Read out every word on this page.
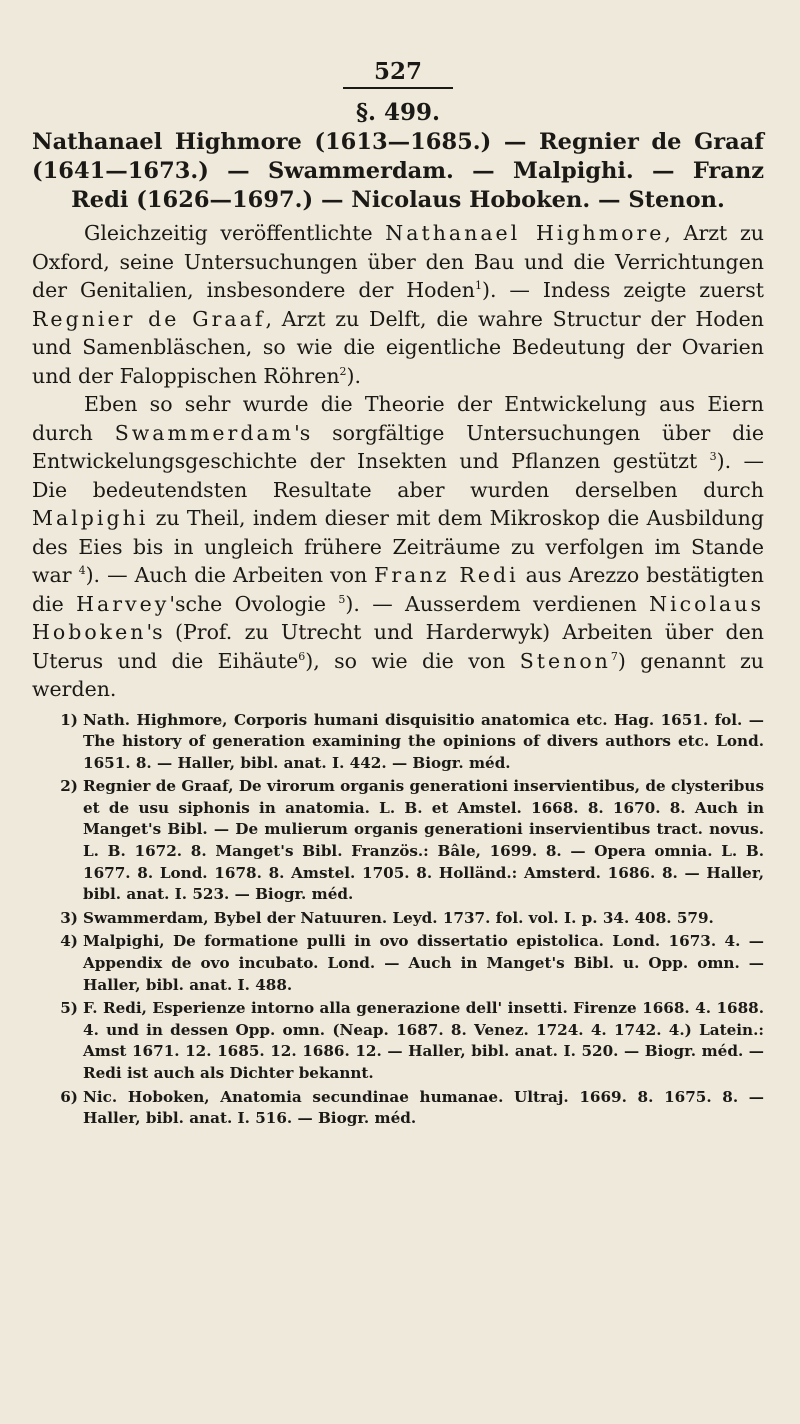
527
§. 499.
Nathanael Highmore (1613—1685.) — Regnier de Graaf
(1641—1673.) — Swammerdam. — Malpighi. — Franz
Redi (1626—1697.) — Nicolaus Hoboken. — Stenon.

Gleichzeitig veröffentlichte Nathanael Highmore, Arzt zu Oxford, seine Untersuchungen über den Bau und die Verrichtungen der Genitalien, insbesondere der Hoden$^1$). — Indess zeigte zuerst Regnier de Graaf, Arzt zu Delft, die wahre Structur der Hoden und Samenbläschen, so wie die eigentliche Bedeutung der Ovarien und der Faloppischen Röhren$^2$).

Eben so sehr wurde die Theorie der Entwickelung aus Eiern durch Swammerdam's sorgfältige Untersuchungen über die Entwickelungsgeschichte der Insekten und Pflanzen gestützt $^3$). — Die bedeutendsten Resultate aber wurden derselben durch Malpighi zu Theil, indem dieser mit dem Mikroskop die Ausbildung des Eies bis in ungleich frühere Zeiträume zu verfolgen im Stande war $^4$). — Auch die Arbeiten von Franz Redi aus Arezzo bestätigten die Harvey'sche Ovologie $^5$). — Ausserdem verdienen Nicolaus Hoboken's (Prof. zu Utrecht und Harderwyk) Arbeiten über den Uterus und die Eihäute$^6$), so wie die von Stenon$^7$) genannt zu werden.

1) Nath. Highmore, Corporis humani disquisitio anatomica etc. Hag. 1651. fol. — The history of generation examining the opinions of divers authors etc. Lond. 1651. 8. — Haller, bibl. anat. I. 442. — Biogr. méd.
2) Regnier de Graaf, De virorum organis generationi inservientibus, de clysteribus et de usu siphonis in anatomia. L. B. et Amstel. 1668. 8. 1670. 8. Auch in Manget's Bibl. — De mulierum organis generationi inservientibus tract. novus. L. B. 1672. 8. Manget's Bibl. Französ.: Bâle, 1699. 8. — Opera omnia. L. B. 1677. 8. Lond. 1678. 8. Amstel. 1705. 8. Holländ.: Amsterd. 1686. 8. — Haller, bibl. anat. I. 523. — Biogr. méd.
3) Swammerdam, Bybel der Natuuren. Leyd. 1737. fol. vol. I. p. 34. 408. 579.
4) Malpighi, De formatione pulli in ovo dissertatio epistolica. Lond. 1673. 4. — Appendix de ovo incubato. Lond. — Auch in Manget's Bibl. u. Opp. omn. — Haller, bibl. anat. I. 488.
5) F. Redi, Esperienze intorno alla generazione dell' insetti. Firenze 1668. 4. 1688. 4. und in dessen Opp. omn. (Neap. 1687. 8. Venez. 1724. 4. 1742. 4.) Latein.: Amst 1671. 12. 1685. 12. 1686. 12. — Haller, bibl. anat. I. 520. — Biogr. méd. — Redi ist auch als Dichter bekannt.
6) Nic. Hoboken, Anatomia secundinae humanae. Ultraj. 1669. 8. 1675. 8. — Haller, bibl. anat. I. 516. — Biogr. méd.
